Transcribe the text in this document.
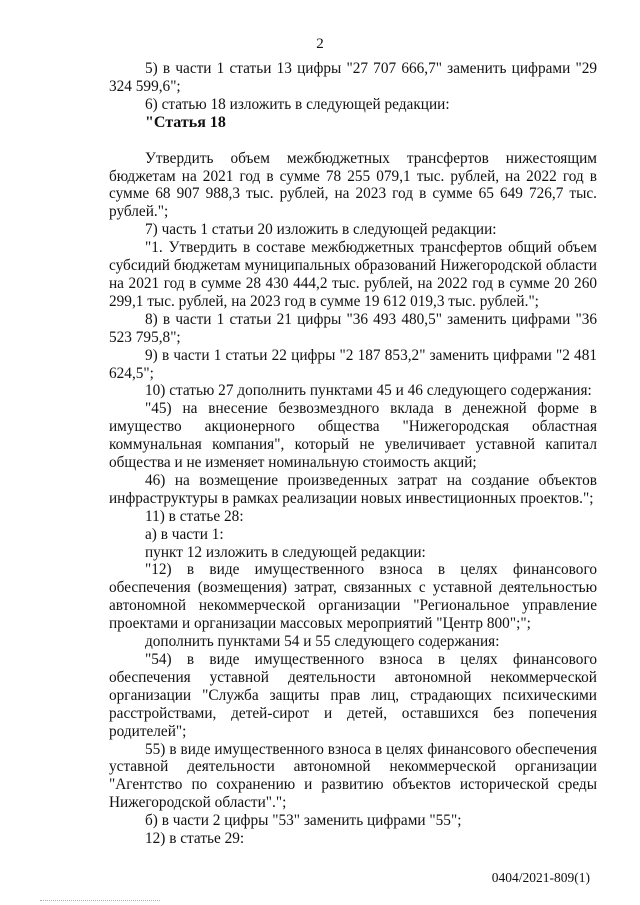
2

5) в части 1 статьи 13 цифры "27 707 666,7" заменить цифрами "29 324 599,6";

6) статью 18 изложить в следующей редакции:

"Статья 18

Утвердить объем межбюджетных трансфертов нижестоящим бюджетам на 2021 год в сумме 78 255 079,1 тыс. рублей, на 2022 год в сумме 68 907 988,3 тыс. рублей, на 2023 год в сумме 65 649 726,7 тыс. рублей.";

7) часть 1 статьи 20 изложить в следующей редакции:

"1. Утвердить в составе межбюджетных трансфертов общий объем субсидий бюджетам муниципальных образований Нижегородской области на 2021 год в сумме 28 430 444,2 тыс. рублей, на 2022 год в сумме 20 260 299,1 тыс. рублей, на 2023 год в сумме 19 612 019,3 тыс. рублей.";

8) в части 1 статьи 21 цифры "36 493 480,5" заменить цифрами "36 523 795,8";

9) в части 1 статьи 22 цифры "2 187 853,2" заменить цифрами "2 481 624,5";

10) статью 27 дополнить пунктами 45 и 46 следующего содержания:

"45) на внесение безвозмездного вклада в денежной форме в имущество акционерного общества "Нижегородская областная коммунальная компания", который не увеличивает уставной капитал общества и не изменяет номинальную стоимость акций;

46) на возмещение произведенных затрат на создание объектов инфраструктуры в рамках реализации новых инвестиционных проектов.";

11) в статье 28:

а) в части 1:

пункт 12 изложить в следующей редакции:

"12) в виде имущественного взноса в целях финансового обеспечения (возмещения) затрат, связанных с уставной деятельностью автономной некоммерческой организации "Региональное управление проектами и организации массовых мероприятий "Центр 800";";

дополнить пунктами 54 и 55 следующего содержания:

"54) в виде имущественного взноса в целях финансового обеспечения уставной деятельности автономной некоммерческой организации "Служба защиты прав лиц, страдающих психическими расстройствами, детей-сирот и детей, оставшихся без попечения родителей";

55) в виде имущественного взноса в целях финансового обеспечения уставной деятельности автономной некоммерческой организации "Агентство по сохранению и развитию объектов исторической среды Нижегородской области".";

б) в части 2 цифры "53" заменить цифрами "55";

12) в статье 29:

0404/2021-809(1)
